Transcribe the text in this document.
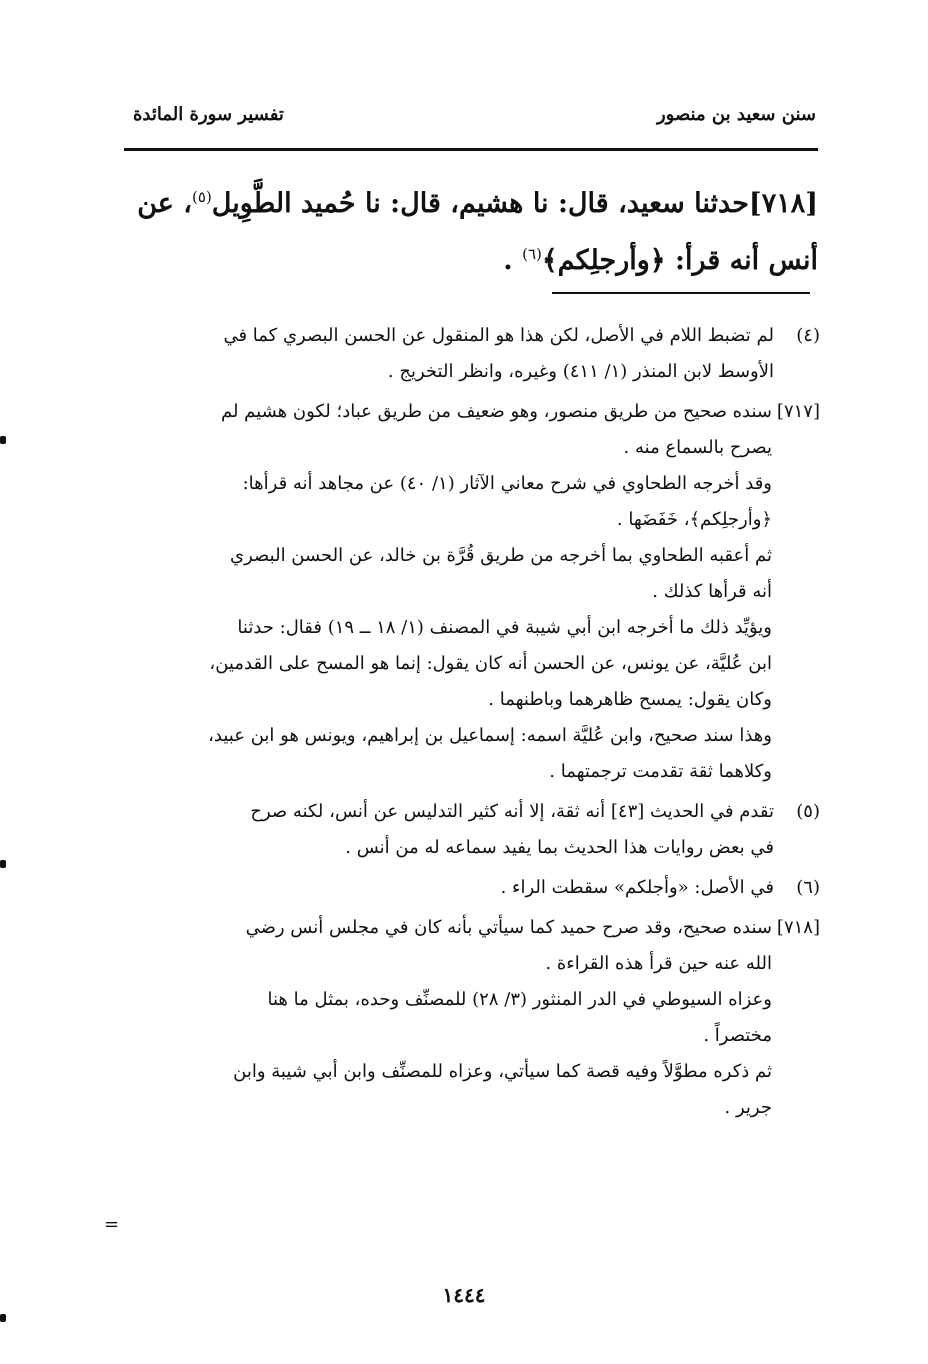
سنن سعيد بن منصور
تفسير سورة المائدة
[٧١٨]حدثنا سعيد، قال: نا هشيم، قال: نا حُميد الطَّوِيل$^{(٥)}$، عن أنس أنه قرأ: ﴿وأرجلِكم﴾$^{(٦)}$ .
(٤)

لم تضبط اللام في الأصل، لكن هذا هو المنقول عن الحسن البصري كما في

الأوسط لابن المنذر (١/ ٤١١) وغيره، وانظر التخريج .

[٧١٧]

سنده صحيح من طريق منصور، وهو ضعيف من طريق عباد؛ لكون هشيم لم

يصرح بالسماع منه .

وقد أخرجه الطحاوي في شرح معاني الآثار (١/ ٤٠) عن مجاهد أنه قرأها:

﴿وأرجلِكم﴾، خَفَضَها .

ثم أعقبه الطحاوي بما أخرجه من طريق قُرَّة بن خالد، عن الحسن البصري

أنه قرأها كذلك .

ويؤيِّد ذلك ما أخرجه ابن أبي شيبة في المصنف (١/ ١٨ ــ ١٩) فقال: حدثنا

ابن عُليَّة، عن يونس، عن الحسن أنه كان يقول: إنما هو المسح على القدمين،

وكان يقول: يمسح ظاهرهما وباطنهما .

وهذا سند صحيح، وابن عُليَّة اسمه: إسماعيل بن إبراهيم، ويونس هو ابن عبيد،

وكلاهما ثقة تقدمت ترجمتهما .

(٥)

تقدم في الحديث [٤٣] أنه ثقة، إلا أنه كثير التدليس عن أنس، لكنه صرح

في بعض روايات هذا الحديث بما يفيد سماعه له من أنس .

(٦)

في الأصل: «وأجلكم» سقطت الراء .

[٧١٨]

سنده صحيح، وقد صرح حميد كما سيأتي بأنه كان في مجلس أنس رضي

الله عنه حين قرأ هذه القراءة .

وعزاه السيوطي في الدر المنثور (٣/ ٢٨) للمصنِّف وحده، بمثل ما هنا

مختصراً .

ثم ذكره مطوَّلاً وفيه قصة كما سيأتي، وعزاه للمصنِّف وابن أبي شيبة وابن

جرير .

=
١٤٤٤
